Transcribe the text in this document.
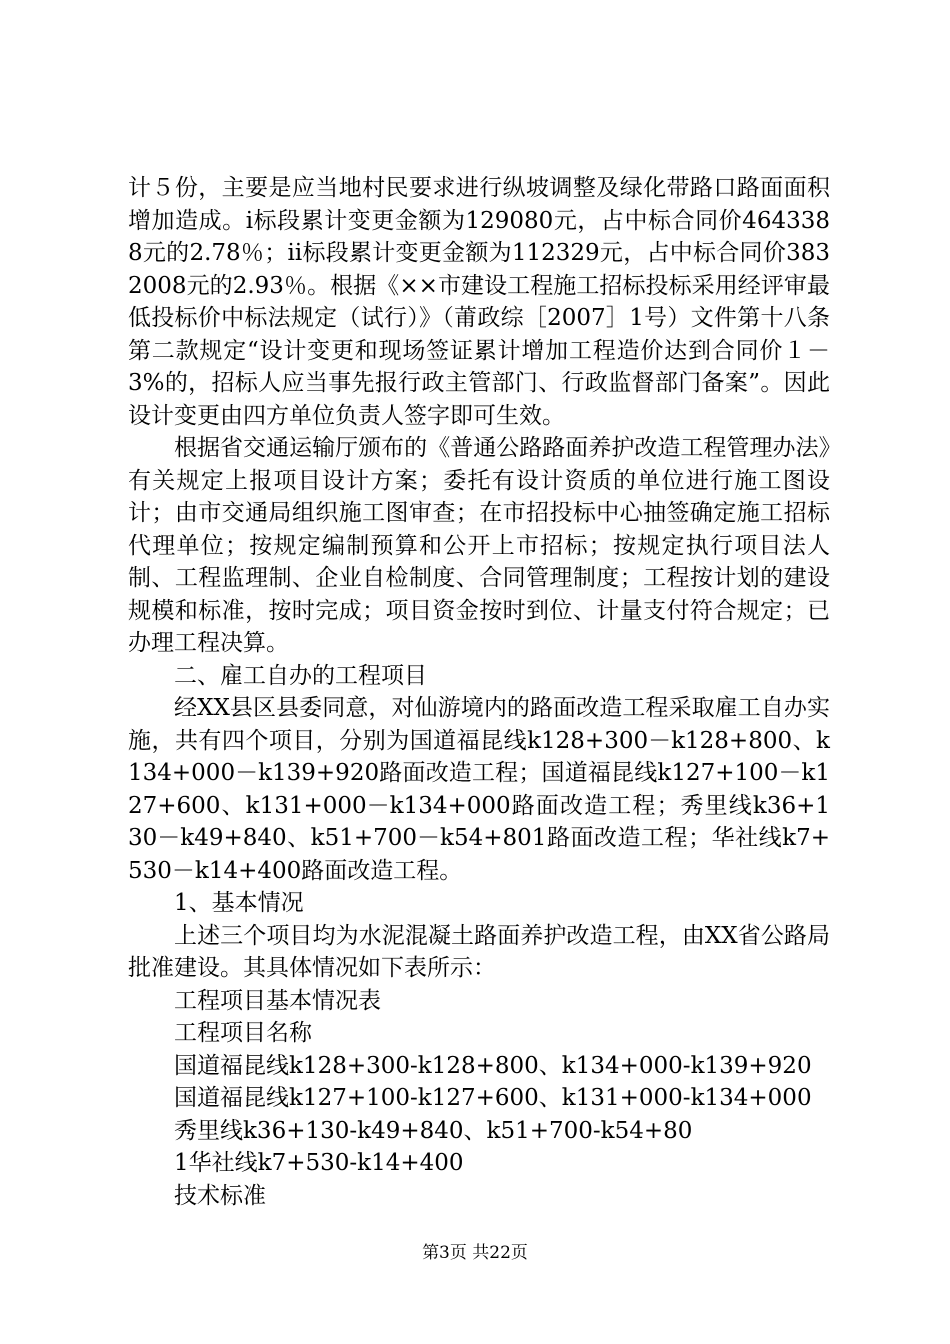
计５份，主要是应当地村民要求进行纵坡调整及绿化带路口路面面积增加造成。ⅰ标段累计变更金额为129080元，占中标合同价4643388元的2.78％；ⅱ标段累计变更金额为112329元，占中标合同价3832008元的2.93％。根据《××市建设工程施工招标投标采用经评审最低投标价中标法规定（试行）》（莆政综［2007］1号）文件第十八条第二款规定“设计变更和现场签证累计增加工程造价达到合同价１－3%的，招标人应当事先报行政主管部门、行政监督部门备案”。因此设计变更由四方单位负责人签字即可生效。

根据省交通运输厅颁布的《普通公路路面养护改造工程管理办法》有关规定上报项目设计方案；委托有设计资质的单位进行施工图设计；由市交通局组织施工图审查；在市招投标中心抽签确定施工招标代理单位；按规定编制预算和公开上市招标；按规定执行项目法人制、工程监理制、企业自检制度、合同管理制度；工程按计划的建设规模和标准，按时完成；项目资金按时到位、计量支付符合规定；已办理工程决算。

二、雇工自办的工程项目

经XX县区县委同意，对仙游境内的路面改造工程采取雇工自办实施，共有四个项目，分别为国道福昆线k128+300－k128+800、k134+000－k139+920路面改造工程；国道福昆线k127+100－k127+600、k131+000－k134+000路面改造工程；秀里线k36+130－k49+840、k51+700－k54+801路面改造工程；华社线k7+530－k14+400路面改造工程。

1、基本情况

上述三个项目均为水泥混凝土路面养护改造工程，由XX省公路局批准建设。其具体情况如下表所示：

工程项目基本情况表

工程项目名称

国道福昆线k128+300-k128+800、k134+000-k139+920

国道福昆线k127+100-k127+600、k131+000-k134+000

秀里线k36+130-k49+840、k51+700-k54+80

1华社线k7+530-k14+400

技术标准

第3页 共22页
